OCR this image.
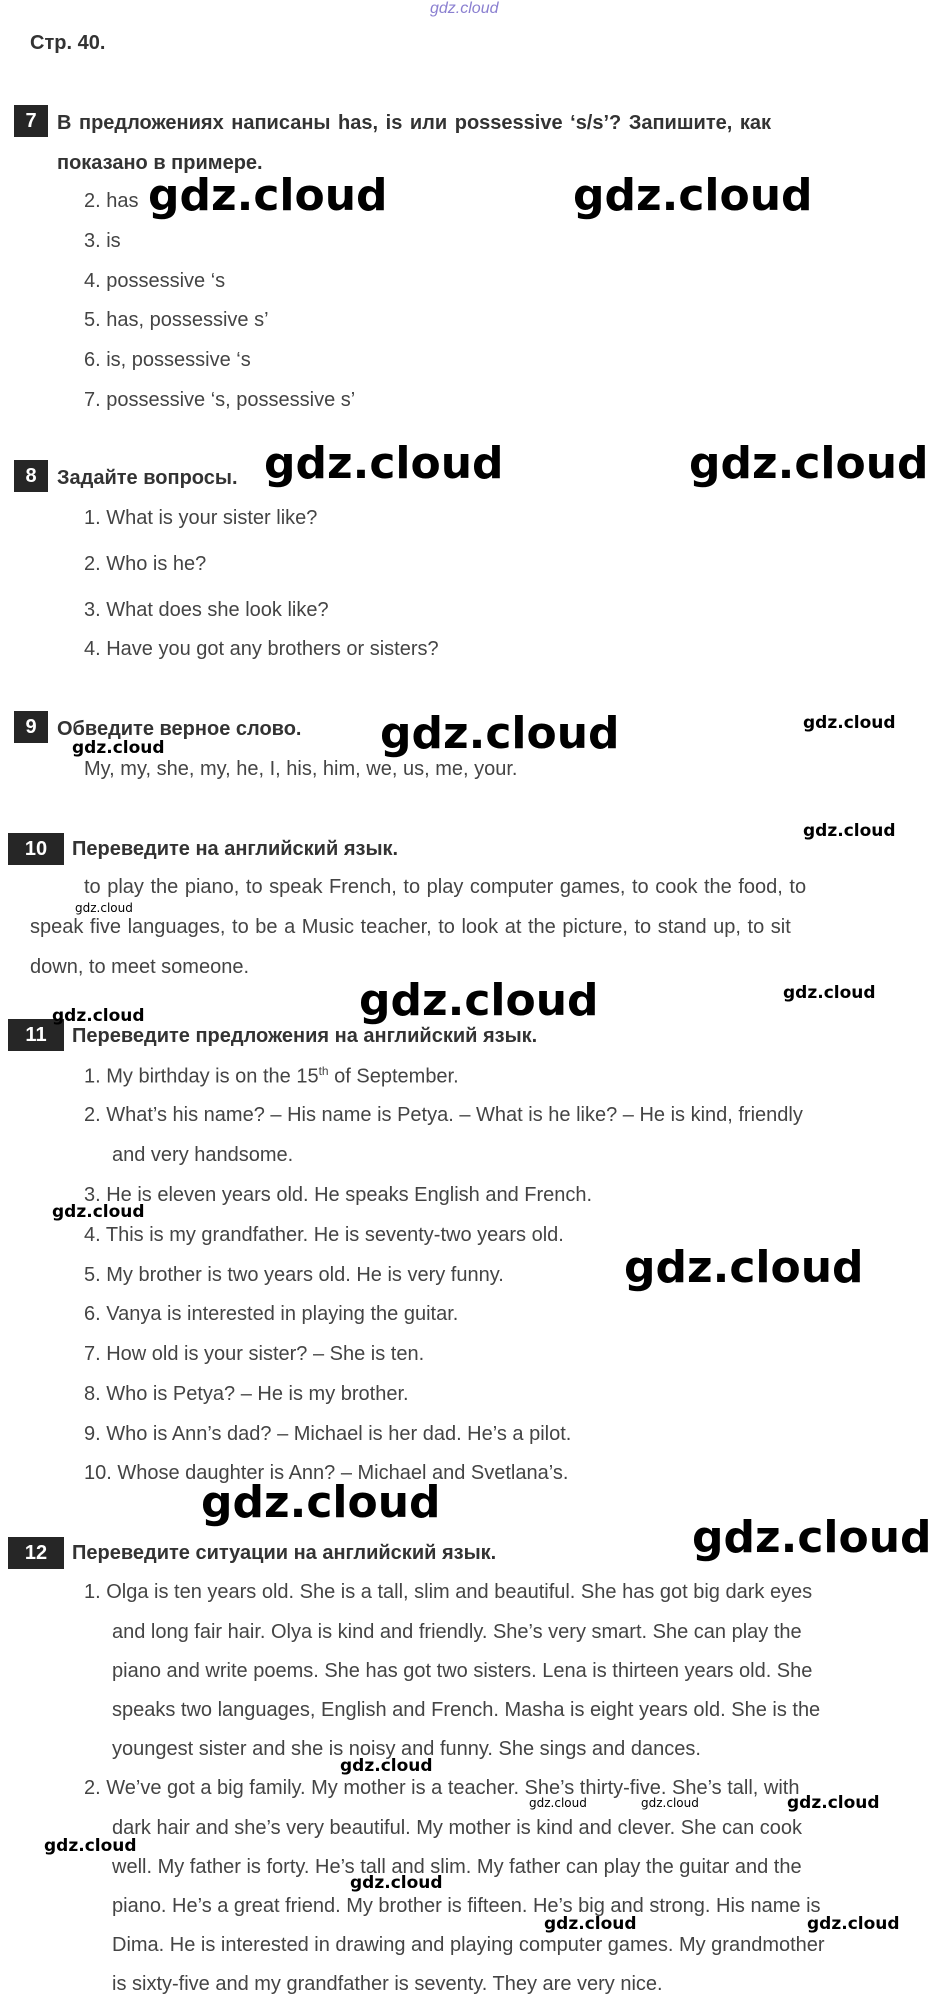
gdz.cloud
Стр. 40.
7	В предложениях написаны has, is или possessive ‘s/s’? Запишите, как
показано в примере.
2. has
3. is
4. possessive ‘s
5. has, possessive s’
6. is, possessive ‘s
7. possessive ‘s, possessive s’
8	Задайте вопросы.
1. What is your sister like?
2. Who is he?
3. What does she look like?
4. Have you got any brothers or sisters?
9	Обведите верное слово.
My, my, she, my, he, I, his, him, we, us, me, your.
10	Переведите на английский язык.
to play the piano, to speak French, to play computer games, to cook the food, to
speak five languages, to be a Music teacher, to look at the picture, to stand up, to sit
down, to meet someone.
11	Переведите предложения на английский язык.
1. My birthday is on the 15th of September.
2. What’s his name? – His name is Petya. – What is he like? – He is kind, friendly
and very handsome.
3. He is eleven years old. He speaks English and French.
4. This is my grandfather. He is seventy-two years old.
5. My brother is two years old. He is very funny.
6. Vanya is interested in playing the guitar.
7. How old is your sister? – She is ten.
8. Who is Petya? – He is my brother.
9. Who is Ann’s dad? – Michael is her dad. He’s a pilot.
10. Whose daughter is Ann? – Michael and Svetlana’s.
12	Переведите ситуации на английский язык.
1. Olga is ten years old. She is a tall, slim and beautiful. She has got big dark eyes
and long fair hair. Olya is kind and friendly. She’s very smart. She can play the
piano and write poems. She has got two sisters. Lena is thirteen years old. She
speaks two languages, English and French. Masha is eight years old. She is the
youngest sister and she is noisy and funny. She sings and dances.
2. We’ve got a big family. My mother is a teacher. She’s thirty-five. She’s tall, with
dark hair and she’s very beautiful. My mother is kind and clever. She can cook
well. My father is forty. He’s tall and slim. My father can play the guitar and the
piano. He’s a great friend. My brother is fifteen. He’s big and strong. His name is
Dima. He is interested in drawing and playing computer games. My grandmother
is sixty-five and my grandfather is seventy. They are very nice.
gdz.cloud	gdz.cloud
gdz.cloud	gdz.cloud
gdz.cloud
gdz.cloud
gdz.cloud
gdz.cloud
gdz.cloud
gdz.cloud
gdz.cloud
gdz.cloud
gdz.cloud
gdz.cloud
gdz.cloud
gdz.cloud
gdz.cloud
gdz.cloud	gdz.cloud	gdz.cloud
gdz.cloud
gdz.cloud
gdz.cloud	gdz.cloud
